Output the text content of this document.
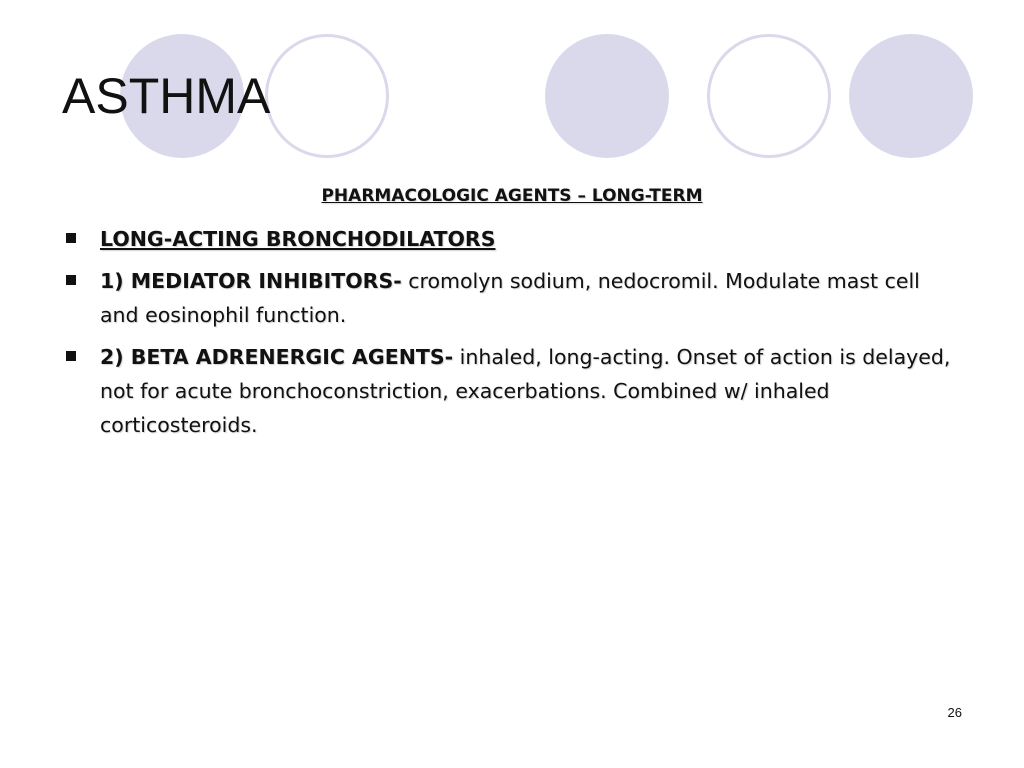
ASTHMA
PHARMACOLOGIC AGENTS – LONG-TERM
LONG-ACTING BRONCHODILATORS
1) MEDIATOR INHIBITORS- cromolyn sodium, nedocromil. Modulate mast cell and eosinophil function.
2) BETA ADRENERGIC AGENTS- inhaled, long-acting. Onset of action is delayed, not for acute bronchoconstriction, exacerbations. Combined w/ inhaled corticosteroids.
26
